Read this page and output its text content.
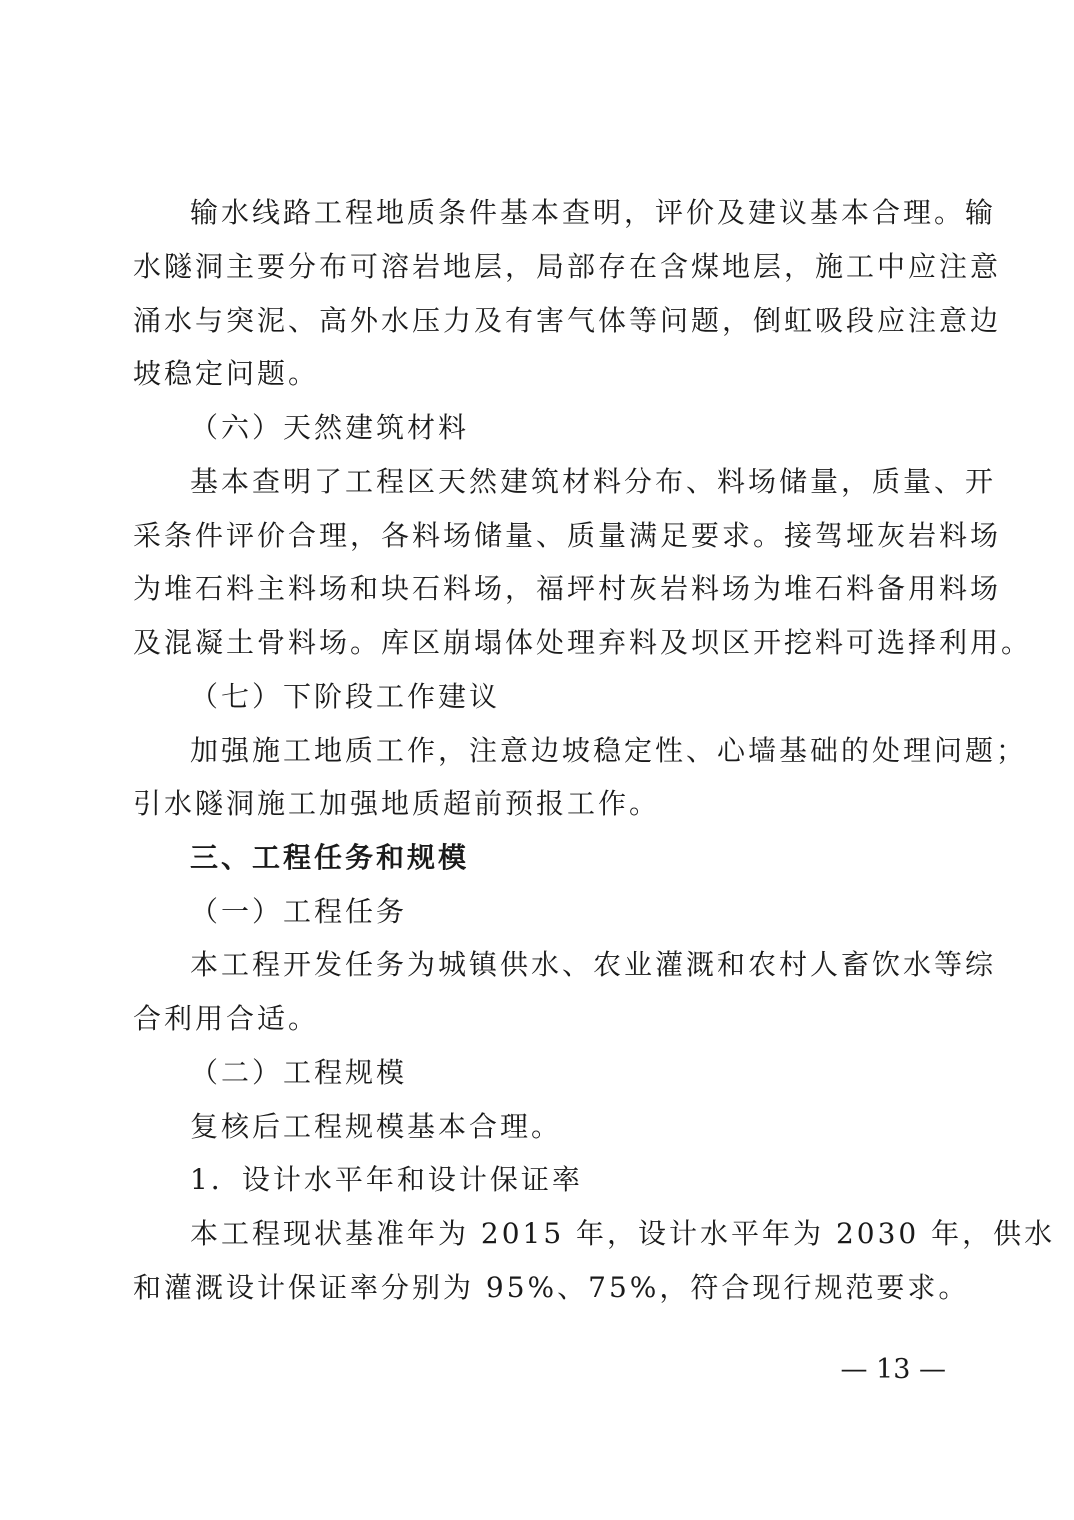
输水线路工程地质条件基本查明，评价及建议基本合理。输

水隧洞主要分布可溶岩地层，局部存在含煤地层，施工中应注意

涌水与突泥、高外水压力及有害气体等问题，倒虹吸段应注意边

坡稳定问题。

（六）天然建筑材料

基本查明了工程区天然建筑材料分布、料场储量，质量、开

采条件评价合理，各料场储量、质量满足要求。接驾垭灰岩料场

为堆石料主料场和块石料场，福坪村灰岩料场为堆石料备用料场

及混凝土骨料场。库区崩塌体处理弃料及坝区开挖料可选择利用。

（七）下阶段工作建议

加强施工地质工作，注意边坡稳定性、心墙基础的处理问题；

引水隧洞施工加强地质超前预报工作。

三、工程任务和规模

（一）工程任务

本工程开发任务为城镇供水、农业灌溉和农村人畜饮水等综

合利用合适。

（二）工程规模

复核后工程规模基本合理。

1．设计水平年和设计保证率

本工程现状基准年为 2015 年，设计水平年为 2030 年，供水

和灌溉设计保证率分别为 95%、75%，符合现行规范要求。

— 13 —
